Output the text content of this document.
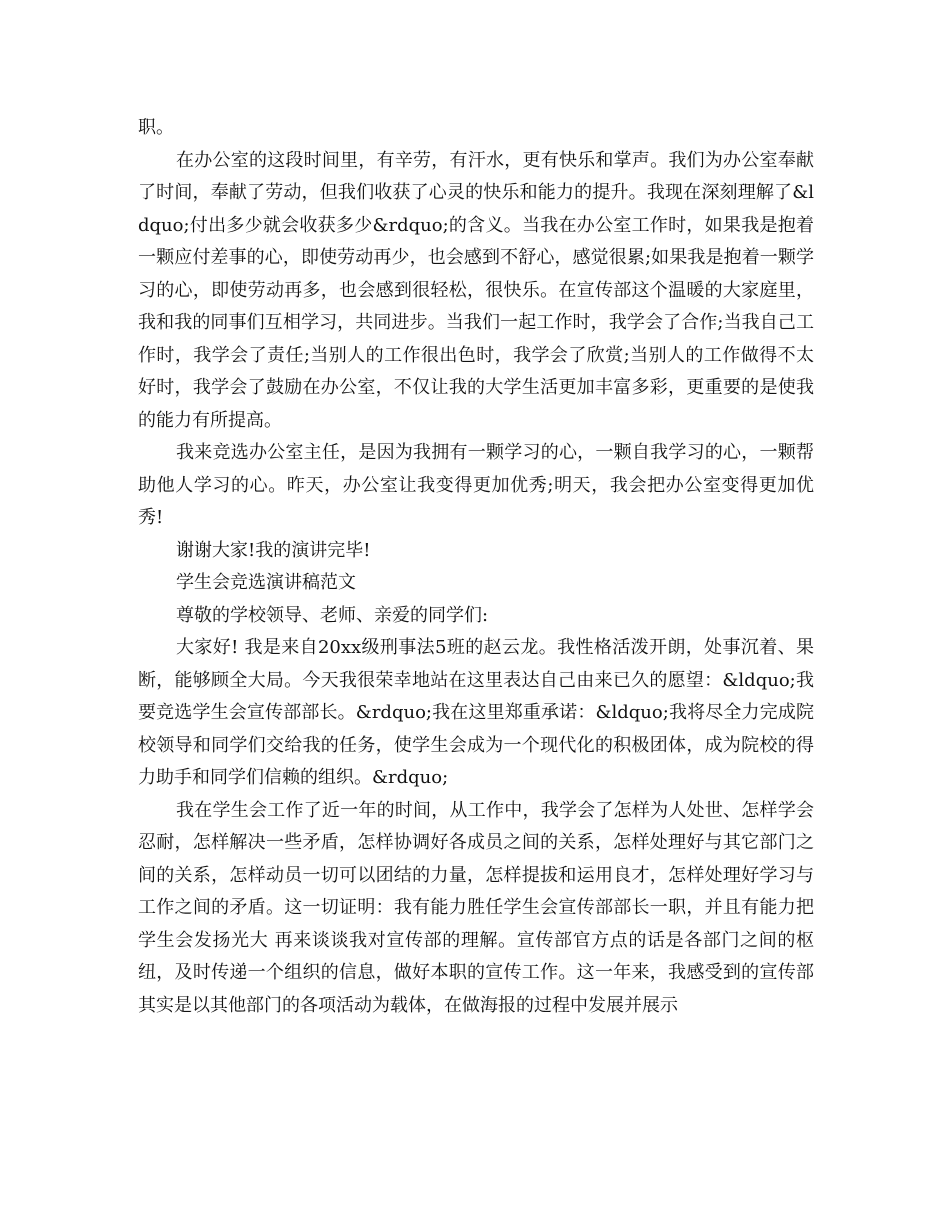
职。

在办公室的这段时间里，有辛劳，有汗水，更有快乐和掌声。我们为办公室奉献了时间，奉献了劳动，但我们收获了心灵的快乐和能力的提升。我现在深刻理解了&ldquo;付出多少就会收获多少&rdquo;的含义。当我在办公室工作时，如果我是抱着一颗应付差事的心，即使劳动再少，也会感到不舒心，感觉很累;如果我是抱着一颗学习的心，即使劳动再多，也会感到很轻松，很快乐。在宣传部这个温暖的大家庭里，我和我的同事们互相学习，共同进步。当我们一起工作时，我学会了合作;当我自己工作时，我学会了责任;当别人的工作很出色时，我学会了欣赏;当别人的工作做得不太好时，我学会了鼓励在办公室，不仅让我的大学生活更加丰富多彩，更重要的是使我的能力有所提高。

我来竞选办公室主任，是因为我拥有一颗学习的心，一颗自我学习的心，一颗帮助他人学习的心。昨天，办公室让我变得更加优秀;明天，我会把办公室变得更加优秀!

谢谢大家!我的演讲完毕!

学生会竞选演讲稿范文

尊敬的学校领导、老师、亲爱的同学们:

大家好! 我是来自20xx级刑事法5班的赵云龙。我性格活泼开朗，处事沉着、果断，能够顾全大局。今天我很荣幸地站在这里表达自己由来已久的愿望：&ldquo;我要竞选学生会宣传部部长。&rdquo;我在这里郑重承诺：&ldquo;我将尽全力完成院校领导和同学们交给我的任务，使学生会成为一个现代化的积极团体，成为院校的得力助手和同学们信赖的组织。&rdquo;

我在学生会工作了近一年的时间，从工作中，我学会了怎样为人处世、怎样学会忍耐，怎样解决一些矛盾，怎样协调好各成员之间的关系，怎样处理好与其它部门之间的关系，怎样动员一切可以团结的力量，怎样提拔和运用良才，怎样处理好学习与工作之间的矛盾。这一切证明：我有能力胜任学生会宣传部部长一职，并且有能力把学生会发扬光大 再来谈谈我对宣传部的理解。宣传部官方点的话是各部门之间的枢纽，及时传递一个组织的信息，做好本职的宣传工作。这一年来，我感受到的宣传部其实是以其他部门的各项活动为载体，在做海报的过程中发展并展示
